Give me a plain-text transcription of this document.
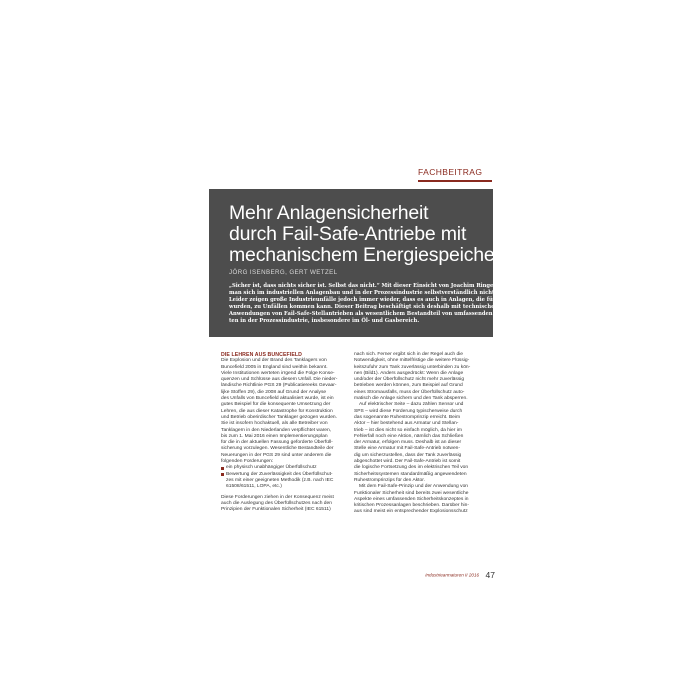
FACHBEITRAG
Mehr Anlagensicherheit
durch Fail-Safe-Antriebe mit
mechanischem Energiespeicher
JÖRG ISENBERG, GERT WETZEL
„Sicher ist, dass nichts sicher ist. Selbst das nicht.“ Mit dieser Einsicht von Joachim Ringelnatz kann und darf
man sich im industriellen Anlagenbau und in der Prozessindustrie selbstverständlich nicht zufrieden geben.
Leider zeigen große Industrieunfälle jedoch immer wieder, dass es auch in Anlagen, die für sicher gehalten
wurden, zu Unfällen kommen kann. Dieser Beitrag beschäftigt sich deshalb mit technischen Konzepten und
Anwendungen von Fail-Safe-Stellantrieben als wesentlichem Bestandteil von umfassenden Sicherheitskonzep-
ten in der Prozessindustrie, insbesondere im Öl- und Gasbereich.
DIE LEHREN AUS BUNCEFIELD
Die Explosion und der Brand des Tanklagers von
Buncefield 2005 in England sind weithin bekannt.
Viele Institutionen werteten irrgend die Folge Konse-
quenzen und Schlüsse aus diesem Unfall. Die nieder-
ländische Richtlinie PGS 29 (Publicatiereeks Gevaar-
lijke Stoffen 29), die 2008 auf Grund der Analyse
des Unfalls von Buncefield aktualisiert wurde, ist ein
gutes Beispiel für die konsequente Umsetzung der
Lehren, die aus dieser Katastrophe für Konstruktion
und Betrieb oberirdischer Tanklager gezogen wurden.
Sie ist insofern hochaktuell, als alle Betreiber von
Tanklagern in den Niederlanden verpflichtet waren,
bis zum 1. Mai 2016 einen Implementierungsplan
für die in der aktuellen Fassung geforderte Überfüll-
sicherung vorzulegen. Wesentliche Bestandteile der
Neuerungen in der PGS 29 sind unter anderem die
folgenden Forderungen:
ein physisch unabhängiger Überfüllschutz
Bewertung der Zuverlässigkeit des Überfüllschut-
zes mit einer geeigneten Methodik (z.B. nach IEC
61508/61511, LOPA, etc.)
Diese Forderungen ziehen in der Konsequenz meist
auch die Auslegung des Überfüllschutzes nach den
Prinzipien der Funktionalen Sicherheit (IEC 61511)
nach sich. Ferner ergibt sich in der Regel auch die
Notwendigkeit, ohne mittelfristige die weitere Flüssig-
keitszufuhr zum Tank zuverlässig unterbinden zu kön-
nen (Bild1). Anders ausgedrückt: Wenn die Anlage
und/oder der Überfüllschutz nicht mehr zuverlässig
betrieben werden können, zum Beispiel auf Grund
eines Stromausfalls, muss der Überfüllschutz auto-
matisch die Anlage sichern und den Tank absperren.
Auf elektrischer Seite – dazu zählen Sensor und
SPS – wird diese Forderung typischerweise durch
das sogenannte Ruhestromprinzip erreicht. Beim
Aktor – hier bestehend aus Armatur und Stellan-
trieb – ist dies nicht so einfach möglich, da hier im
Fehlerfall noch eine Aktion, nämlich das Schließen
der Armatur, erfolgen muss. Deshalb ist an dieser
Stelle eine Armatur mit Fail-Safe-Antrieb notwen-
dig um sicherzustellen, dass der Tank zuverlässig
abgeschottet wird. Der Fail-Safe-Antrieb ist somit
die logische Fortsetzung des im elektrischen Teil von
Sicherheitssystemen standardmäßig angewendeten
Ruhestromprinzips für den Aktor.
Mit dem Fail-Safe-Prinzip und der Anwendung von
Funktionaler Sicherheit sind bereits zwei wesentliche
Aspekte eines umfassenden Sicherheitskonzeptes in
kritischen Prozessanlagen beschrieben. Darüber hin-
aus sind meist ein entsprechender Explosionsschutz
Industriearmaturen II 2016 47
